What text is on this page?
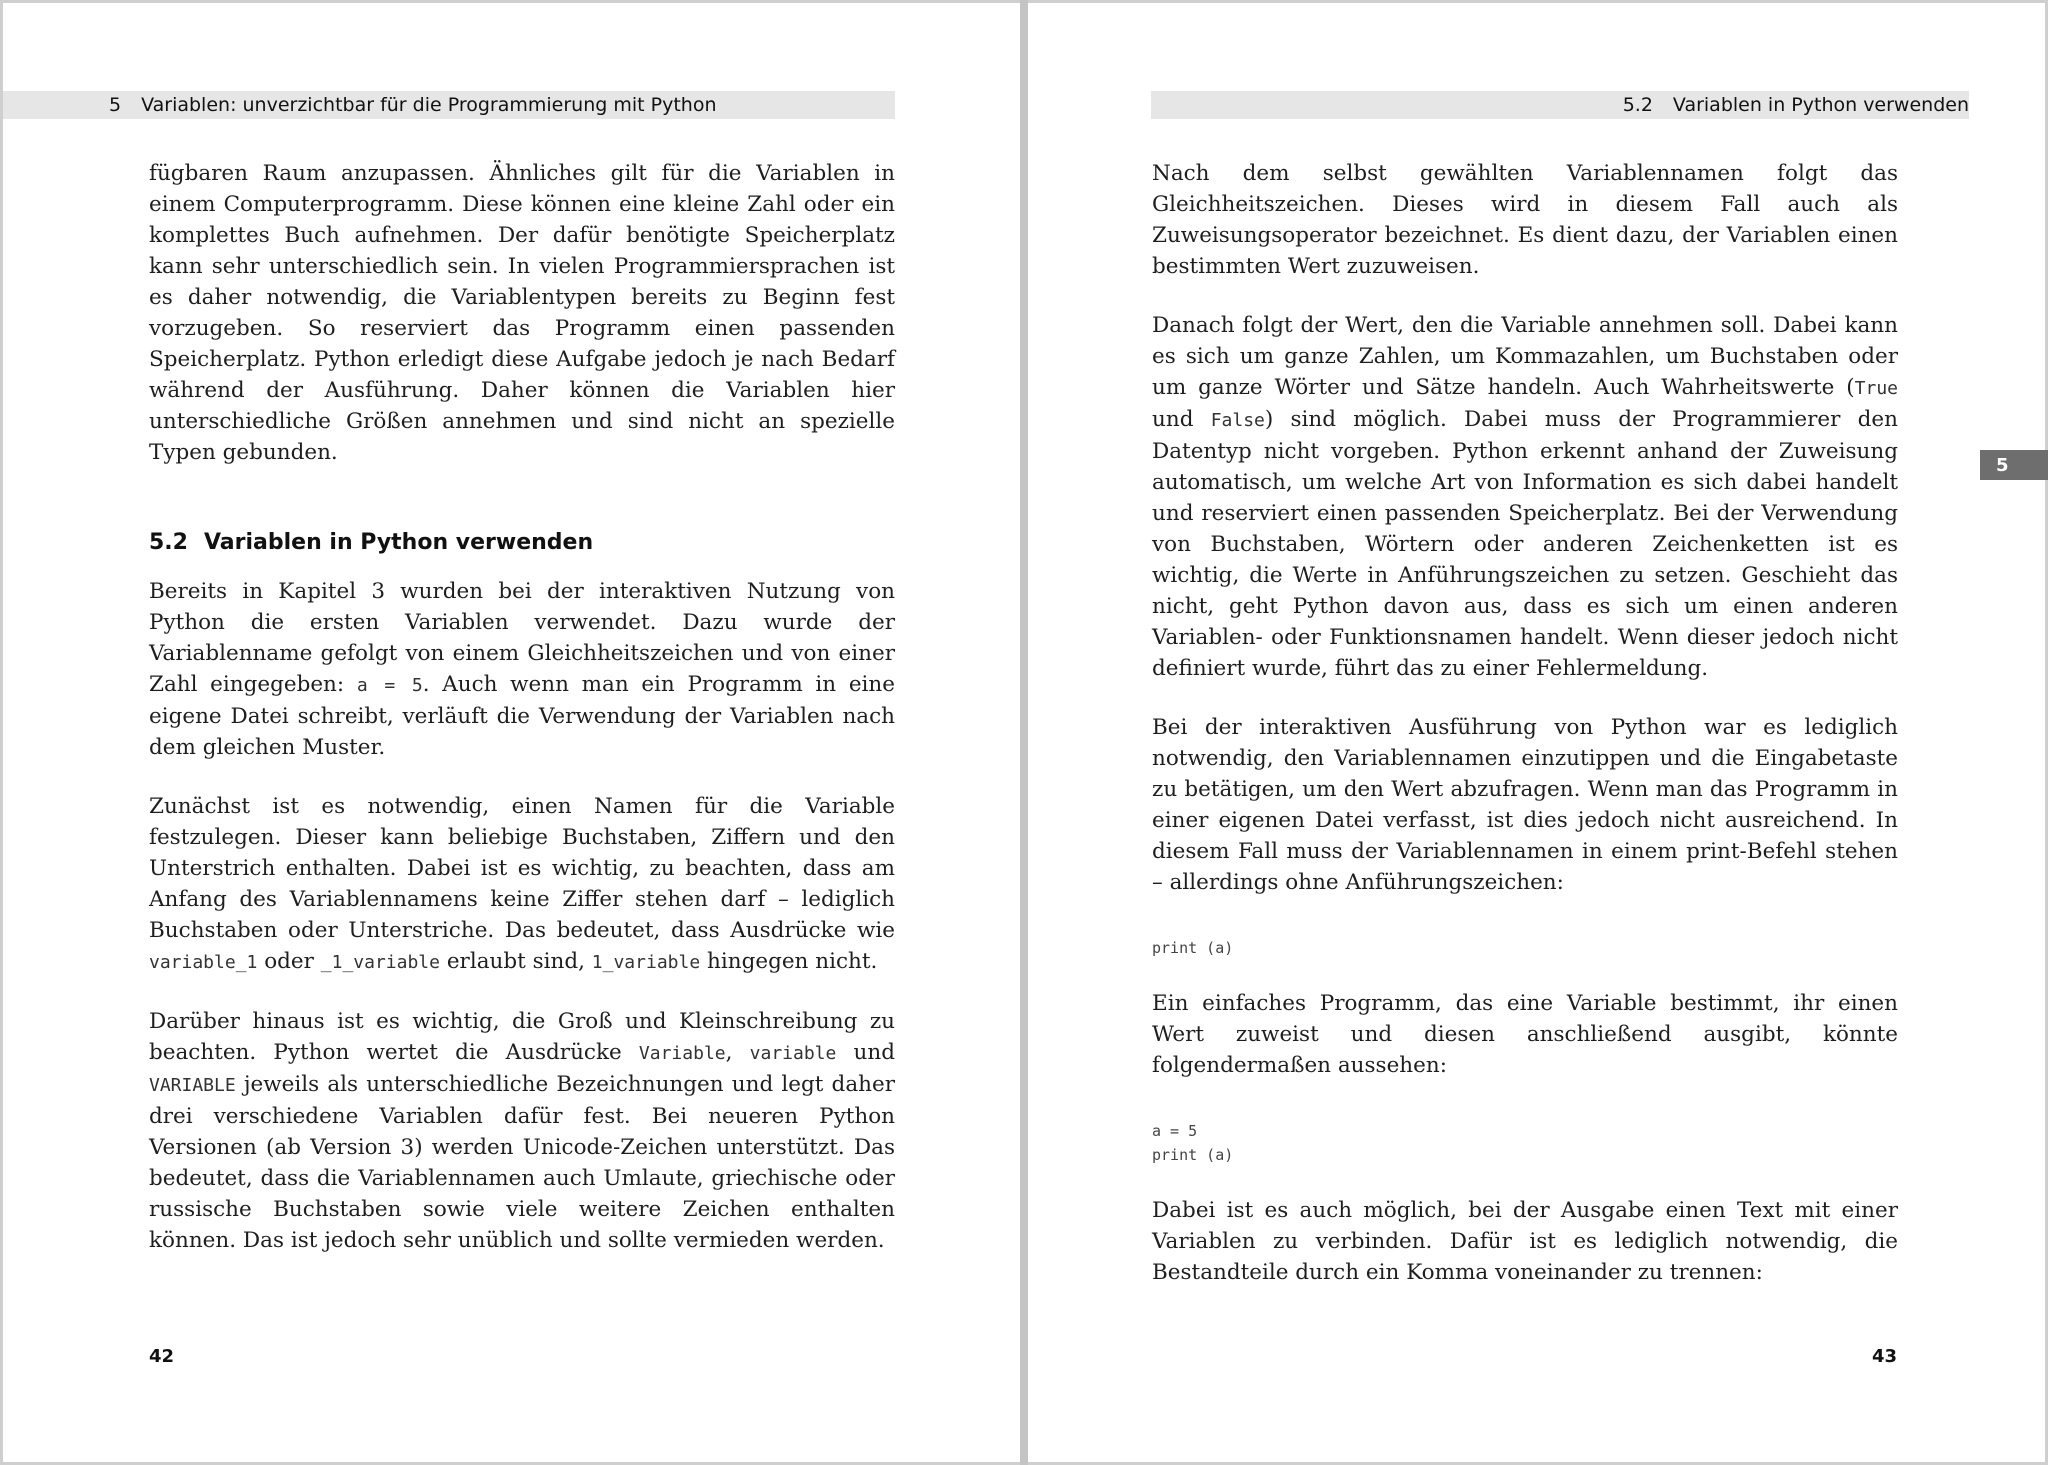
5 Variablen: unverzichtbar für die Programmierung mit Python	5.2 Variablen in Python verwenden

fügbaren Raum anzupassen. Ähnliches gilt für die Variablen in einem Computerprogramm. Diese können eine kleine Zahl oder ein komplettes Buch aufnehmen. Der dafür benötigte Speicherplatz kann sehr unterschiedlich sein. In vielen Programmiersprachen ist es daher notwendig, die Variablentypen bereits zu Beginn fest vorzugeben. So reserviert das Programm einen passenden Speicherplatz. Python erledigt diese Aufgabe jedoch je nach Bedarf während der Ausführung. Daher können die Variablen hier unterschiedliche Größen annehmen und sind nicht an spezielle Typen gebunden.

5.2 Variablen in Python verwenden

Bereits in Kapitel 3 wurden bei der interaktiven Nutzung von Python die ersten Variablen verwendet. Dazu wurde der Variablenname gefolgt von einem Gleichheitszeichen und von einer Zahl eingegeben: a = 5. Auch wenn man ein Programm in eine eigene Datei schreibt, verläuft die Verwendung der Variablen nach dem gleichen Muster.

Zunächst ist es notwendig, einen Namen für die Variable festzulegen. Dieser kann beliebige Buchstaben, Ziffern und den Unterstrich enthalten. Dabei ist es wichtig, zu beachten, dass am Anfang des Variablennamens keine Ziffer stehen darf – lediglich Buchstaben oder Unterstriche. Das bedeutet, dass Ausdrücke wie variable_1 oder _1_variable erlaubt sind, 1_variable hingegen nicht.

Darüber hinaus ist es wichtig, die Groß und Kleinschreibung zu beachten. Python wertet die Ausdrücke Variable, variable und VARIABLE jeweils als unterschiedliche Bezeichnungen und legt daher drei verschiedene Variablen dafür fest. Bei neueren Python Versionen (ab Version 3) werden Unicode-Zeichen unterstützt. Das bedeutet, dass die Variablennamen auch Umlaute, griechische oder russische Buchstaben sowie viele weitere Zeichen enthalten können. Das ist jedoch sehr unüblich und sollte vermieden werden.

42

Nach dem selbst gewählten Variablennamen folgt das Gleichheitszeichen. Dieses wird in diesem Fall auch als Zuweisungsoperator bezeichnet. Es dient dazu, der Variablen einen bestimmten Wert zuzuweisen.

Danach folgt der Wert, den die Variable annehmen soll. Dabei kann es sich um ganze Zahlen, um Kommazahlen, um Buchstaben oder um ganze Wörter und Sätze handeln. Auch Wahrheitswerte (True und False) sind möglich. Dabei muss der Programmierer den Datentyp nicht vorgeben. Python erkennt anhand der Zuweisung automatisch, um welche Art von Information es sich dabei handelt und reserviert einen passenden Speicherplatz. Bei der Verwendung von Buchstaben, Wörtern oder anderen Zeichenketten ist es wichtig, die Werte in Anführungszeichen zu setzen. Geschieht das nicht, geht Python davon aus, dass es sich um einen anderen Variablen- oder Funktionsnamen handelt. Wenn dieser jedoch nicht definiert wurde, führt das zu einer Fehlermeldung.

Bei der interaktiven Ausführung von Python war es lediglich notwendig, den Variablennamen einzutippen und die Eingabetaste zu betätigen, um den Wert abzufragen. Wenn man das Programm in einer eigenen Datei verfasst, ist dies jedoch nicht ausreichend. In diesem Fall muss der Variablennamen in einem print-Befehl stehen – allerdings ohne Anführungszeichen:

print (a)

Ein einfaches Programm, das eine Variable bestimmt, ihr einen Wert zuweist und diesen anschließend ausgibt, könnte folgendermaßen aussehen:

a = 5
print (a)

Dabei ist es auch möglich, bei der Ausgabe einen Text mit einer Variablen zu verbinden. Dafür ist es lediglich notwendig, die Bestandteile durch ein Komma voneinander zu trennen:

43
5
